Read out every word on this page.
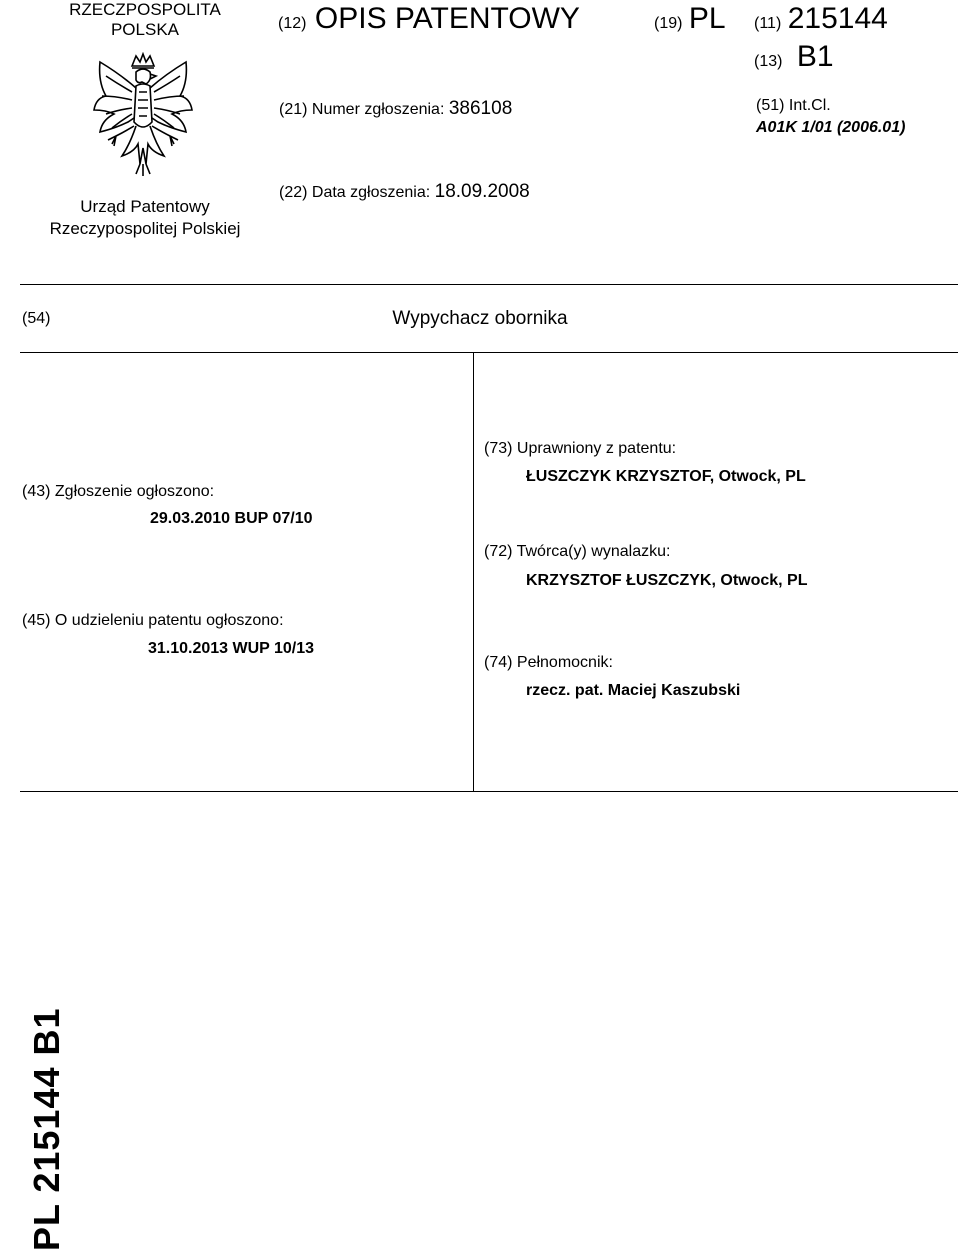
RZECZPOSPOLITA
POLSKA
Urząd Patentowy
Rzeczypospolitej Polskiej
(12) OPIS PATENTOWY	(19) PL (11) 215144
(13) B1
(21) Numer zgłoszenia: 386108	(51) Int.Cl.
A01K 1/01 (2006.01)
(22) Data zgłoszenia: 18.09.2008
(54)	Wypychacz obornika
(43) Zgłoszenie ogłoszono:
29.03.2010 BUP 07/10
(45) O udzieleniu patentu ogłoszono:
31.10.2013 WUP 10/13
(73) Uprawniony z patentu:
ŁUSZCZYK KRZYSZTOF, Otwock, PL
(72) Twórca(y) wynalazku:
KRZYSZTOF ŁUSZCZYK, Otwock, PL
(74) Pełnomocnik:
rzecz. pat. Maciej Kaszubski
PL 215144 B1
